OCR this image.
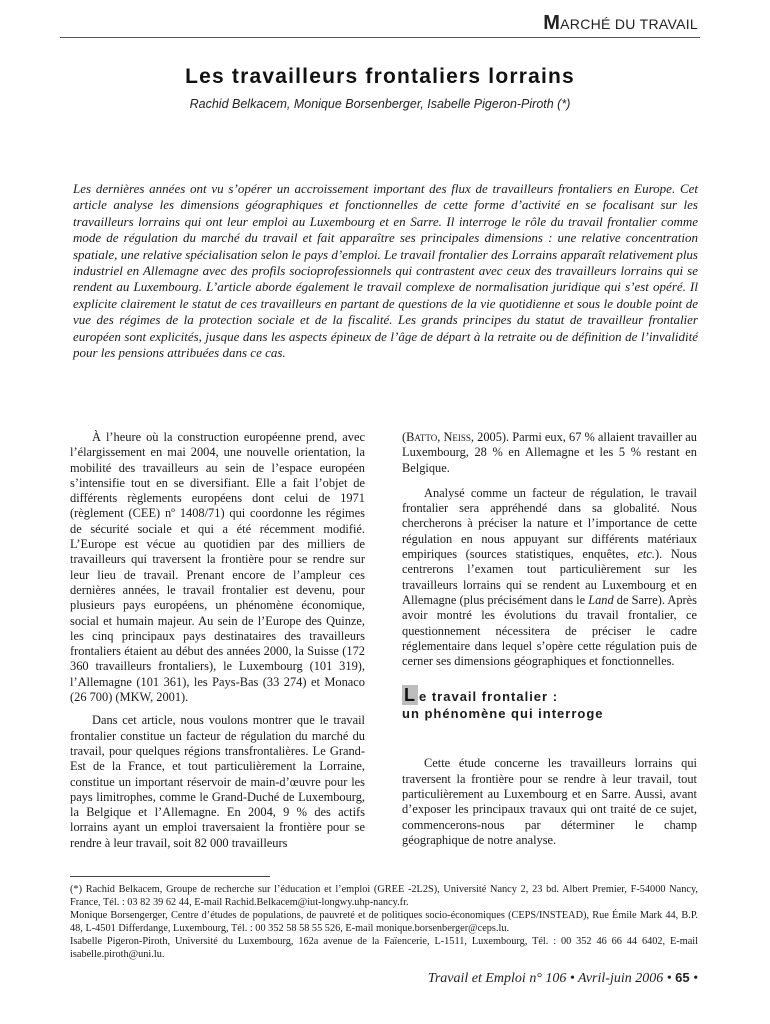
MARCHÉ DU TRAVAIL
Les travailleurs frontaliers lorrains
Rachid Belkacem, Monique Borsenberger, Isabelle Pigeron-Piroth (*)

Les dernières années ont vu s’opérer un accroissement important des flux de travailleurs frontaliers en Europe. Cet article analyse les dimensions géographiques et fonctionnelles de cette forme d’activité en se focalisant sur les travailleurs lorrains qui ont leur emploi au Luxembourg et en Sarre. Il interroge le rôle du travail frontalier comme mode de régulation du marché du travail et fait apparaître ses principales dimensions : une relative concentration spatiale, une relative spécialisation selon le pays d’emploi. Le travail frontalier des Lorrains apparaît relativement plus industriel en Allemagne avec des profils socioprofessionnels qui contrastent avec ceux des travailleurs lorrains qui se rendent au Luxembourg. L’article aborde également le travail complexe de normalisation juridique qui s’est opéré. Il explicite clairement le statut de ces travailleurs en partant de questions de la vie quotidienne et sous le double point de vue des régimes de la protection sociale et de la fiscalité. Les grands principes du statut de travailleur frontalier européen sont explicités, jusque dans les aspects épineux de l’âge de départ à la retraite ou de définition de l’invalidité pour les pensions attribuées dans ce cas.

À l’heure où la construction européenne prend, avec l’élargissement en mai 2004, une nouvelle orientation, la mobilité des travailleurs au sein de l’espace européen s’intensifie tout en se diversifiant. Elle a fait l’objet de différents règlements européens dont celui de 1971 (règlement (CEE) nº 1408/71) qui coordonne les régimes de sécurité sociale et qui a été récemment modifié. L’Europe est vécue au quotidien par des milliers de travailleurs qui traversent la frontière pour se rendre sur leur lieu de travail. Prenant encore de l’ampleur ces dernières années, le travail frontalier est devenu, pour plusieurs pays européens, un phénomène économique, social et humain majeur. Au sein de l’Europe des Quinze, les cinq principaux pays destinataires des travailleurs frontaliers étaient au début des années 2000, la Suisse (172 360 travailleurs frontaliers), le Luxembourg (101 319), l’Allemagne (101 361), les Pays-Bas (33 274) et Monaco (26 700) (MKW, 2001).

Dans cet article, nous voulons montrer que le travail frontalier constitue un facteur de régulation du marché du travail, pour quelques régions transfrontalières. Le Grand-Est de la France, et tout particulièrement la Lorraine, constitue un important réservoir de main-d’œuvre pour les pays limitrophes, comme le Grand-Duché de Luxembourg, la Belgique et l’Allemagne. En 2004, 9 % des actifs lorrains ayant un emploi traversaient la frontière pour se rendre à leur travail, soit 82 000 travailleurs

(Batto, Neiss, 2005). Parmi eux, 67 % allaient travailler au Luxembourg, 28 % en Allemagne et les 5 % restant en Belgique.

Analysé comme un facteur de régulation, le travail frontalier sera appréhendé dans sa globalité. Nous chercherons à préciser la nature et l’importance de cette régulation en nous appuyant sur différents matériaux empiriques (sources statistiques, enquêtes, etc.). Nous centrerons l’examen tout particulièrement sur les travailleurs lorrains qui se rendent au Luxembourg et en Allemagne (plus précisément dans le Land de Sarre). Après avoir montré les évolutions du travail frontalier, ce questionnement nécessitera de préciser le cadre réglementaire dans lequel s’opère cette régulation puis de cerner ses dimensions géographiques et fonctionnelles.

L e travail frontalier :
un phénomène qui interroge

Cette étude concerne les travailleurs lorrains qui traversent la frontière pour se rendre à leur travail, tout particulièrement au Luxembourg et en Sarre. Aussi, avant d’exposer les principaux travaux qui ont traité de ce sujet, commencerons-nous par déterminer le champ géographique de notre analyse.

(*) Rachid Belkacem, Groupe de recherche sur l’éducation et l’emploi (GREE -2L2S), Université Nancy 2, 23 bd. Albert Premier, F-54000 Nancy, France, Tél. : 03 82 39 62 44, E-mail Rachid.Belkacem@iut-longwy.uhp-nancy.fr.

Monique Borsengerger, Centre d’études de populations, de pauvreté et de politiques socio-économiques (CEPS/INSTEAD), Rue Émile Mark 44, B.P. 48, L-4501 Differdange, Luxembourg, Tél. : 00 352 58 58 55 526, E-mail monique.borsenberger@ceps.lu.

Isabelle Pigeron-Piroth, Université du Luxembourg, 162a avenue de la Faïencerie, L-1511, Luxembourg, Tél. : 00 352 46 66 44 6402, E-mail isabelle.piroth@uni.lu.

Travail et Emploi n° 106 • Avril-juin 2006 • 65 •
